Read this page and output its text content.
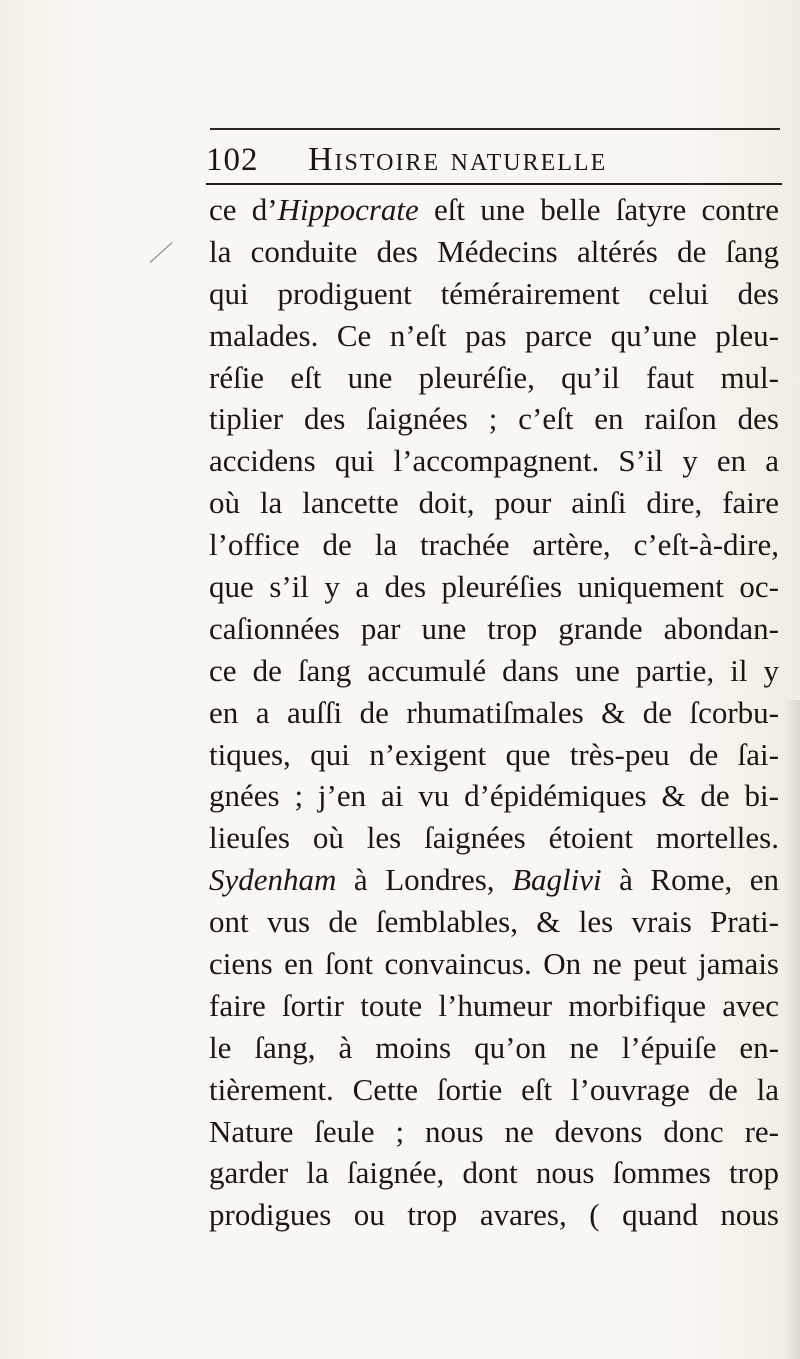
102 Histoire naturelle
ce d’Hippocrate eſt une belle ſatyre contre
la conduite des Médecins altérés de ſang
qui prodiguent témérairement celui des
malades. Ce n’eſt pas parce qu’une pleu-
réſie eſt une pleuréſie, qu’il faut mul-
tiplier des ſaignées ; c’eſt en raiſon des
accidens qui l’accompagnent. S’il y en a
où la lancette doit, pour ainſi dire, faire
l’office de la trachée artère, c’eſt-à-dire,
que s’il y a des pleuréſies uniquement oc-
caſionnées par une trop grande abondan-
ce de ſang accumulé dans une partie, il y
en a auſſi de rhumatiſmales & de ſcorbu-
tiques, qui n’exigent que très-peu de ſai-
gnées ; j’en ai vu d’épidémiques & de bi-
lieuſes où les ſaignées étoient mortelles.
Sydenham à Londres, Baglivi à Rome, en
ont vus de ſemblables, & les vrais Prati-
ciens en ſont convaincus. On ne peut jamais
faire ſortir toute l’humeur morbifique avec
le ſang, à moins qu’on ne l’épuiſe en-
tièrement. Cette ſortie eſt l’ouvrage de la
Nature ſeule ; nous ne devons donc re-
garder la ſaignée, dont nous ſommes trop
prodigues ou trop avares, ( quand nous
